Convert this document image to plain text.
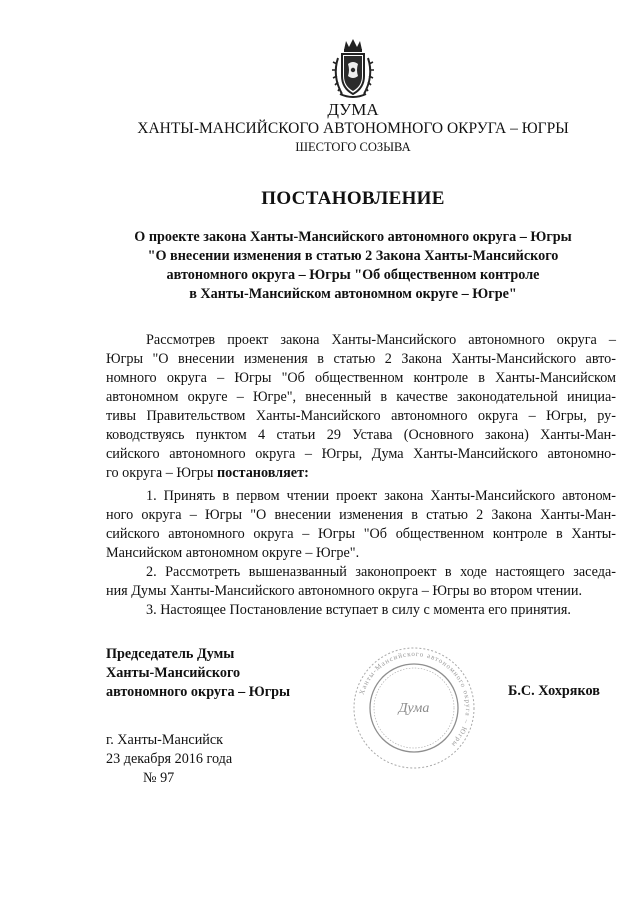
ДУМА
ХАНТЫ-МАНСИЙСКОГО АВТОНОМНОГО ОКРУГА – ЮГРЫ
ШЕСТОГО СОЗЫВА
ПОСТАНОВЛЕНИЕ
О проекте закона Ханты-Мансийского автономного округа – Югры
"О внесении изменения в статью 2 Закона Ханты-Мансийского
автономного округа – Югры "Об общественном контроле
в Ханты-Мансийском автономном округе – Югре"
Рассмотрев проект закона Ханты-Мансийского автономного округа –
Югры "О внесении изменения в статью 2 Закона Ханты-Мансийского авто-
номного округа – Югры "Об общественном контроле в Ханты-Мансийском
автономном округе – Югре", внесенный в качестве законодательной инициа-
тивы Правительством Ханты-Мансийского автономного округа – Югры, ру-
ководствуясь пунктом 4 статьи 29 Устава (Основного закона) Ханты-Ман-
сийского автономного округа – Югры, Дума Ханты-Мансийского автономно-
го округа – Югры постановляет:
1. Принять в первом чтении проект закона Ханты-Мансийского автоном-
ного округа – Югры "О внесении изменения в статью 2 Закона Ханты-Ман-
сийского автономного округа – Югры "Об общественном контроле в Ханты-
Мансийском автономном округе – Югре".
2. Рассмотреть вышеназванный законопроект в ходе настоящего заседа-
ния Думы Ханты-Мансийского автономного округа – Югры во втором чтении.
3. Настоящее Постановление вступает в силу с момента его принятия.
Председатель Думы
Ханты-Мансийского
автономного округа – Югры	Ханты-Мансийского автономного округа – Югры
Дума
Б.С. Хохряков
г. Ханты-Мансийск
23 декабря 2016 года
№ 97
